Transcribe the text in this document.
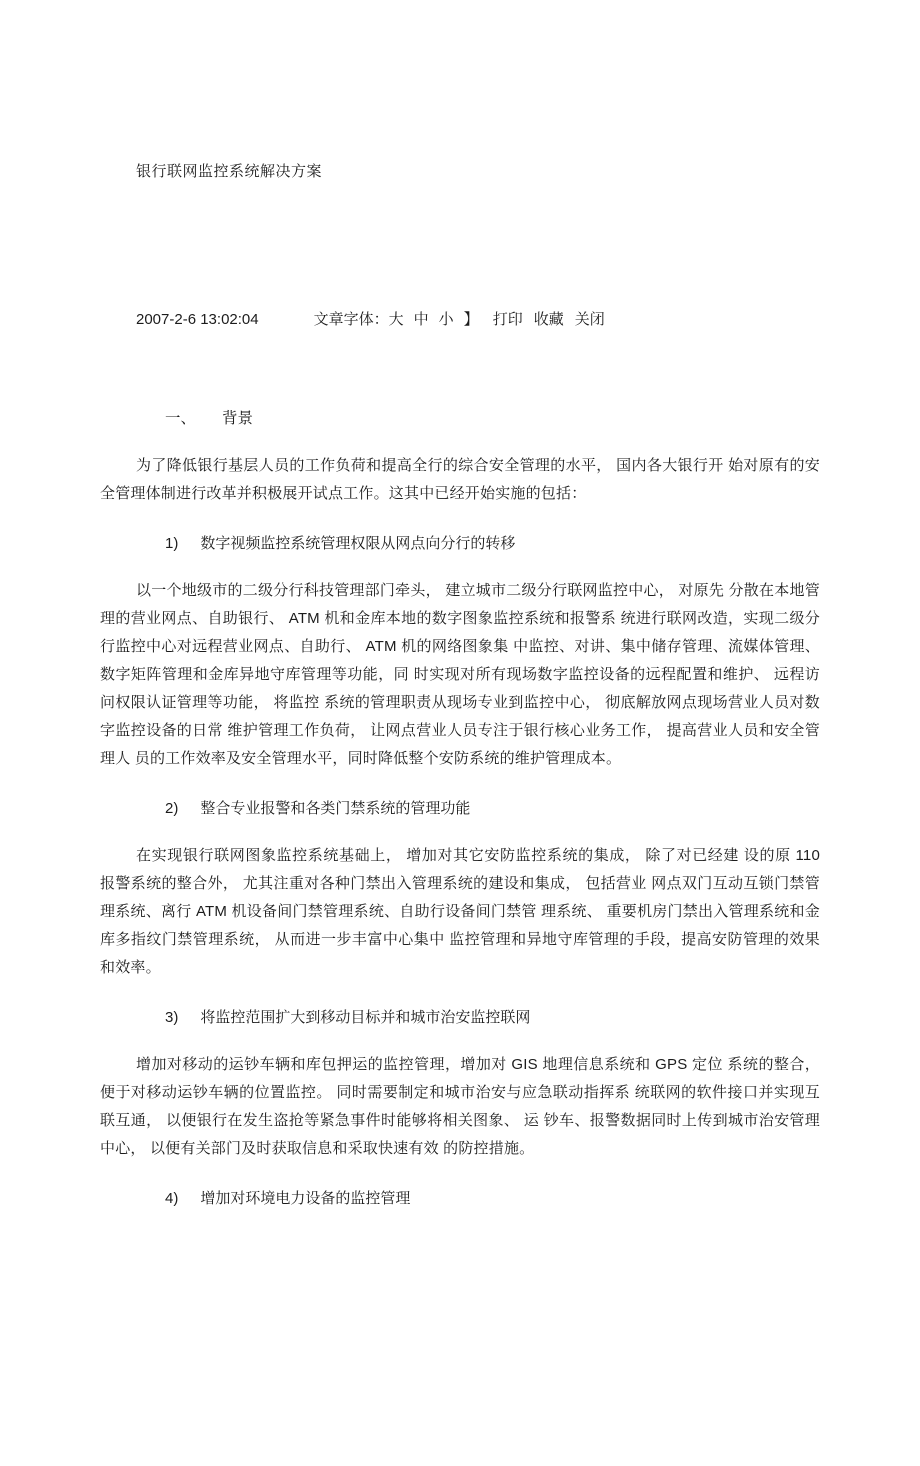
银行联网监控系统解决方案
2007-2-6 13:02:04	文章字体： 大 中 小 】 打印 收藏 关闭
一、 背景

为了降低银行基层人员的工作负荷和提高全行的综合安全管理的水平， 国内各大银行开 始对原有的安全管理体制进行改革并积极展开试点工作。这其中已经开始实施的包括：

1) 数字视频监控系统管理权限从网点向分行的转移

以一个地级市的二级分行科技管理部门牵头， 建立城市二级分行联网监控中心， 对原先 分散在本地管理的营业网点、自助银行、 ATM 机和金库本地的数字图象监控系统和报警系 统进行联网改造，实现二级分行监控中心对远程营业网点、自助行、 ATM 机的网络图象集 中监控、对讲、集中储存管理、流媒体管理、 数字矩阵管理和金库异地守库管理等功能，同 时实现对所有现场数字监控设备的远程配置和维护、 远程访问权限认证管理等功能， 将监控 系统的管理职责从现场专业到监控中心， 彻底解放网点现场营业人员对数字监控设备的日常 维护管理工作负荷， 让网点营业人员专注于银行核心业务工作， 提高营业人员和安全管理人 员的工作效率及安全管理水平，同时降低整个安防系统的维护管理成本。

2) 整合专业报警和各类门禁系统的管理功能

在实现银行联网图象监控系统基础上， 增加对其它安防监控系统的集成， 除了对已经建 设的原 110 报警系统的整合外， 尤其注重对各种门禁出入管理系统的建设和集成， 包括营业 网点双门互动互锁门禁管理系统、离行 ATM 机设备间门禁管理系统、自助行设备间门禁管 理系统、 重要机房门禁出入管理系统和金库多指纹门禁管理系统， 从而进一步丰富中心集中 监控管理和异地守库管理的手段，提高安防管理的效果和效率。

3) 将监控范围扩大到移动目标并和城市治安监控联网

增加对移动的运钞车辆和库包押运的监控管理，增加对 GIS 地理信息系统和 GPS 定位 系统的整合，便于对移动运钞车辆的位置监控。 同时需要制定和城市治安与应急联动指挥系 统联网的软件接口并实现互联互通， 以便银行在发生盗抢等紧急事件时能够将相关图象、 运 钞车、报警数据同时上传到城市治安管理中心， 以便有关部门及时获取信息和采取快速有效 的防控措施。

4) 增加对环境电力设备的监控管理
